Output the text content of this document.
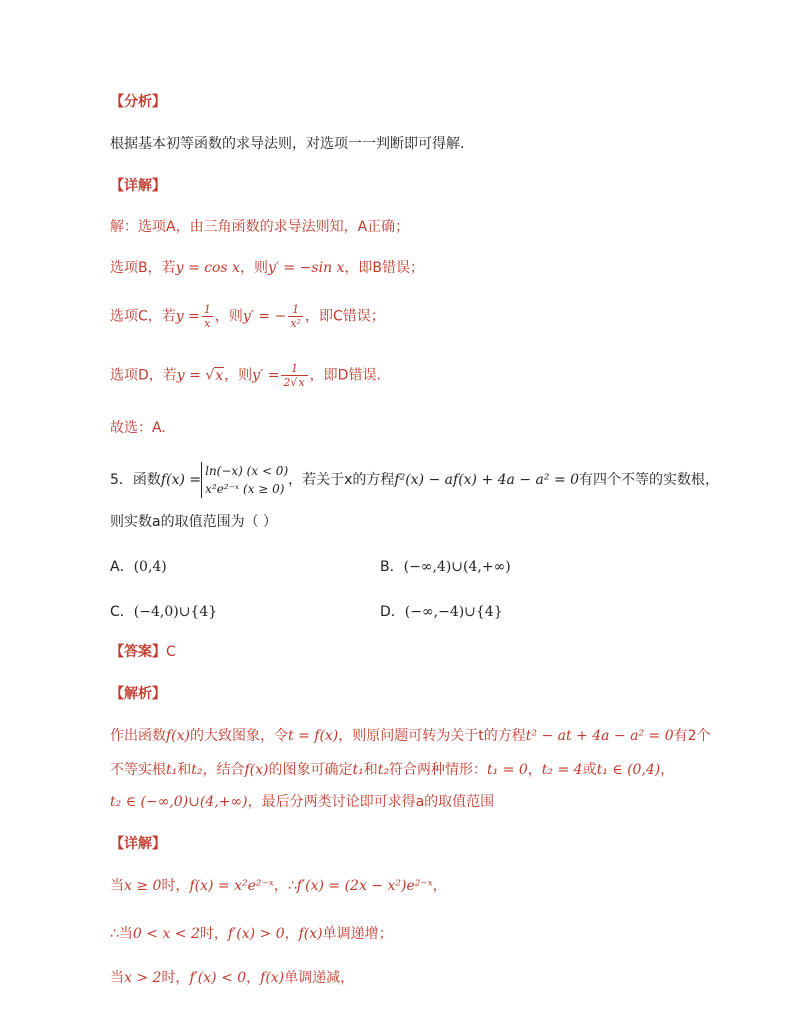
【分析】
根据基本初等函数的求导法则，对选项一一判断即可得解.
【详解】
解：选项A，由三角函数的求导法则知，A正确；
选项B，若y = cos x，则y′ = −sin x，即B错误；
选项C，若$y = \frac{1}{x}$ ，则y′ = − $\frac{1}{\text{x²}}$ ，即C错误；
选项D，若y = √x，则$y' = \frac{1}{2√x}$ ，即D错误.
故选：A.
5．函数f(x) =
ln(−x) (x < 0)
x²e²⁻ˣ (x ≥ 0)
，若关于x的方程f²(x) − af(x) + 4a − a² = 0有四个不等的实数根，
则实数a的取值范围为（ ）
A．(0,4)	B．(−∞,4)∪(4,+∞)
C．(−4,0)∪{4}	D．(−∞,−4)∪{4}
【答案】C
【解析】
作出函数f(x)的大致图象，令t = f(x)，则原问题可转为关于t的方程t² − at + 4a − a² = 0有2个
不等实根t₁和t₂，结合f(x)的图象可确定t₁和t₂符合两种情形：t₁ = 0，t₂ = 4或t₁ ∈ (0,4)，
t₂ ∈ (−∞,0)∪(4,+∞)，最后分两类讨论即可求得a的取值范围
【详解】
当x ≥ 0时，f(x) = x²e²⁻ˣ，∴f′(x) = (2x − x²)e²⁻ˣ，
∴当0 < x < 2时，f′(x) > 0，f(x)单调递增；
当x > 2时，f′(x) < 0，f(x)单调递减，
